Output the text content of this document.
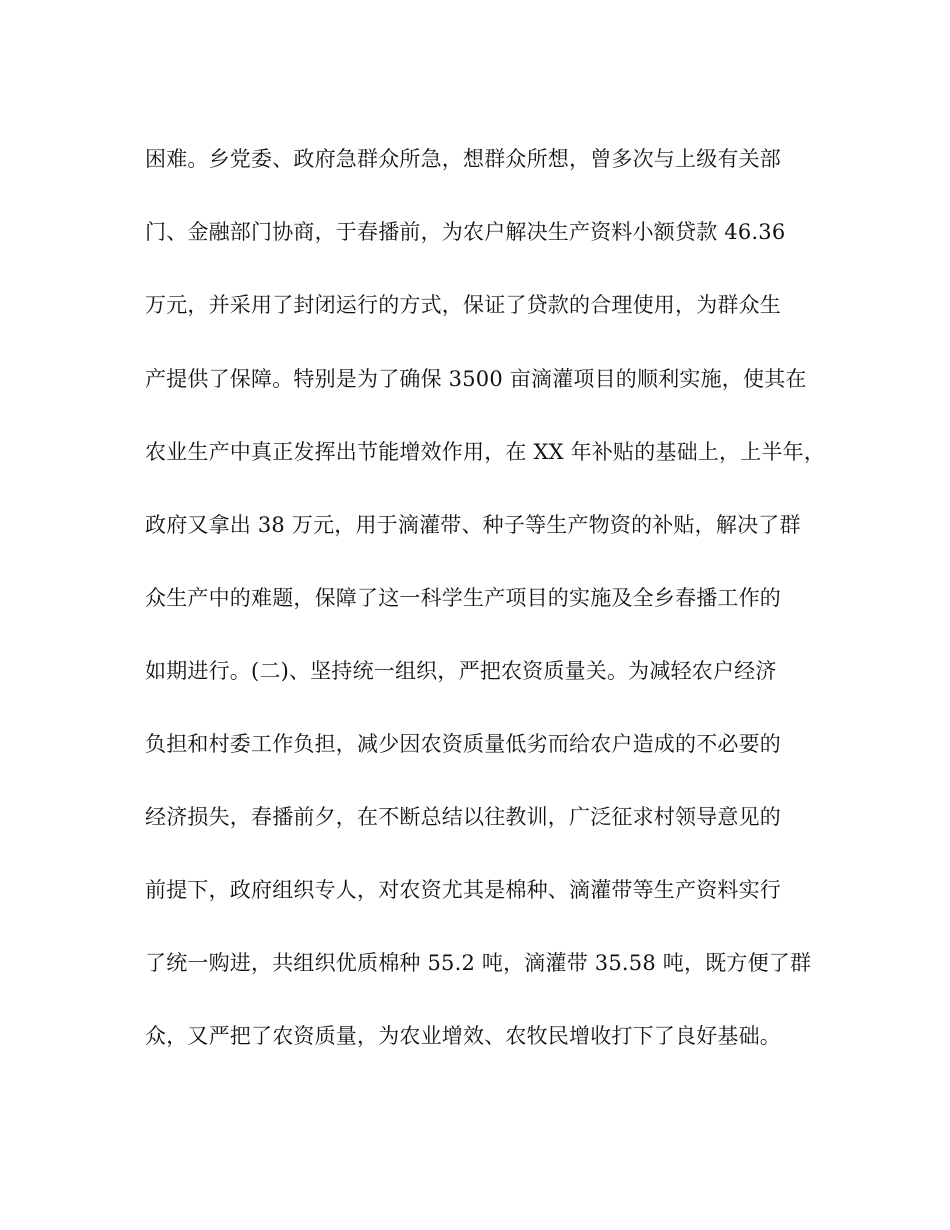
困难。乡党委、政府急群众所急，想群众所想，曾多次与上级有关部
门、金融部门协商，于春播前，为农户解决生产资料小额贷款 46.36
万元，并采用了封闭运行的方式，保证了贷款的合理使用，为群众生
产提供了保障。特别是为了确保 3500 亩滴灌项目的顺利实施，使其在
农业生产中真正发挥出节能增效作用，在 XX 年补贴的基础上，上半年，
政府又拿出 38 万元，用于滴灌带、种子等生产物资的补贴，解决了群
众生产中的难题，保障了这一科学生产项目的实施及全乡春播工作的
如期进行。(二)、坚持统一组织，严把农资质量关。为减轻农户经济
负担和村委工作负担，减少因农资质量低劣而给农户造成的不必要的
经济损失，春播前夕，在不断总结以往教训，广泛征求村领导意见的
前提下，政府组织专人，对农资尤其是棉种、滴灌带等生产资料实行
了统一购进，共组织优质棉种 55.2 吨，滴灌带 35.58 吨，既方便了群
众，又严把了农资质量，为农业增效、农牧民增收打下了良好基础。
